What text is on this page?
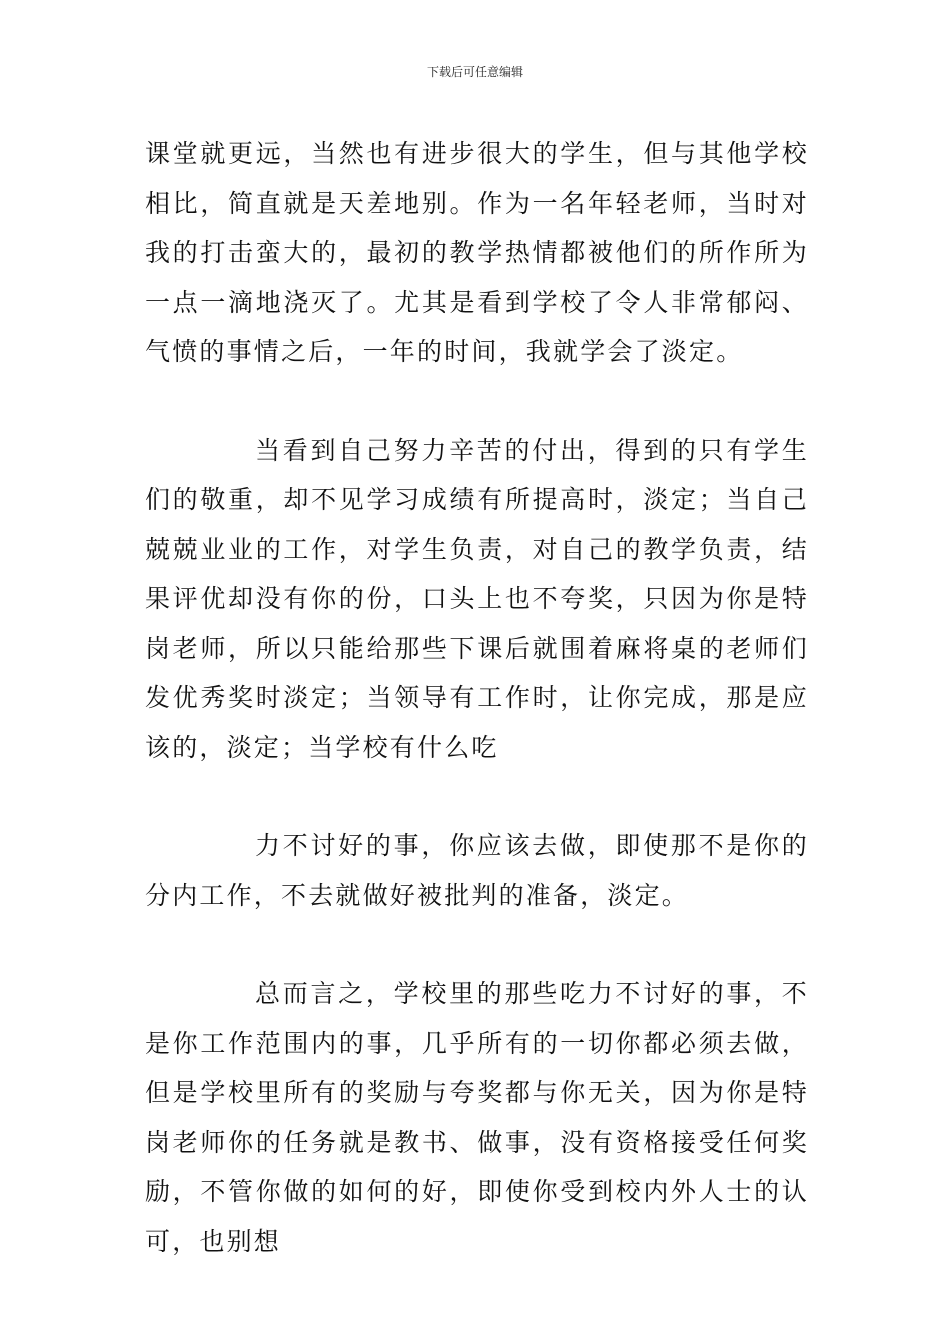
下载后可任意编辑

课堂就更远，当然也有进步很大的学生，但与其他学校相比，简直就是天差地别。作为一名年轻老师，当时对我的打击蛮大的，最初的教学热情都被他们的所作所为一点一滴地浇灭了。尤其是看到学校了令人非常郁闷、气愤的事情之后，一年的时间，我就学会了淡定。

当看到自己努力辛苦的付出，得到的只有学生们的敬重，却不见学习成绩有所提高时，淡定；当自己兢兢业业的工作，对学生负责，对自己的教学负责，结果评优却没有你的份，口头上也不夸奖，只因为你是特岗老师，所以只能给那些下课后就围着麻将桌的老师们发优秀奖时淡定；当领导有工作时，让你完成，那是应该的，淡定；当学校有什么吃

力不讨好的事，你应该去做，即使那不是你的分内工作，不去就做好被批判的准备，淡定。

总而言之，学校里的那些吃力不讨好的事，不是你工作范围内的事，几乎所有的一切你都必须去做，但是学校里所有的奖励与夸奖都与你无关，因为你是特岗老师你的任务就是教书、做事，没有资格接受任何奖励，不管你做的如何的好，即使你受到校内外人士的认可，也别想
